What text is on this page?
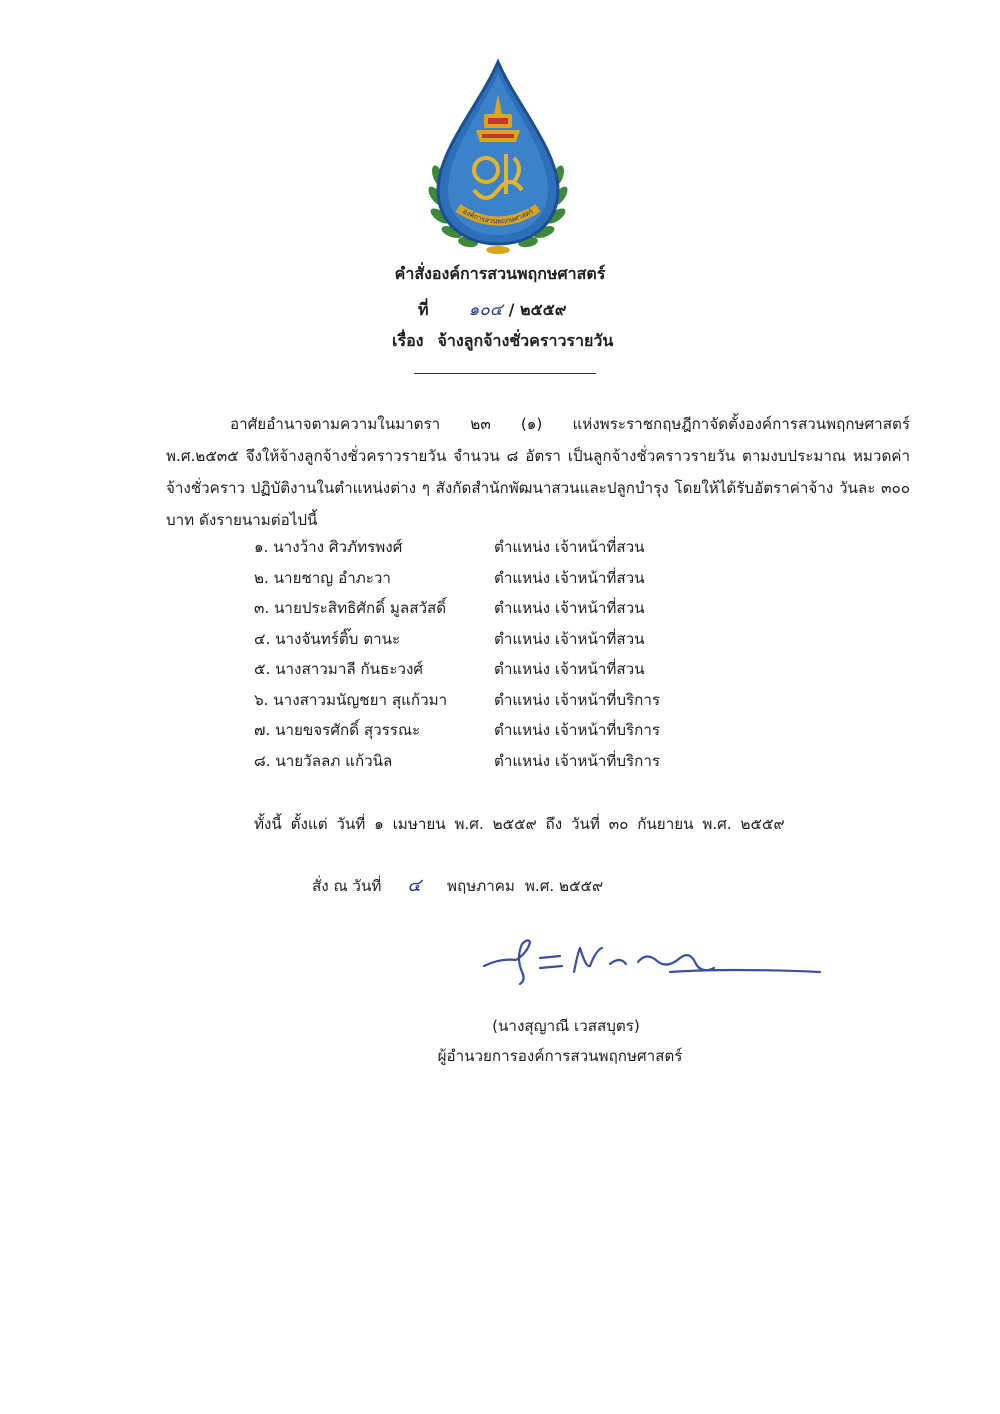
องค์การสวนพฤกษศาสตร์
คำสั่งองค์การสวนพฤกษศาสตร์
ที่ ๑๐๔ / ๒๕๕๙
เรื่อง จ้างลูกจ้างชั่วคราวรายวัน
อาศัยอำนาจตามความในมาตรา ๒๓ (๑) แห่งพระราชกฤษฎีกาจัดตั้งองค์การสวนพฤกษศาสตร์ พ.ศ.๒๕๓๕ จึงให้จ้างลูกจ้างชั่วคราวรายวัน จำนวน ๘ อัตรา เป็นลูกจ้างชั่วคราวรายวัน ตามงบประมาณ หมวดค่าจ้างชั่วคราว ปฏิบัติงานในตำแหน่งต่าง ๆ สังกัดสำนักพัฒนาสวนและปลูกบำรุง โดยให้ได้รับอัตราค่าจ้าง วันละ ๓๐๐ บาท ดังรายนามต่อไปนี้
๑. นางว้าง ศิวภัทรพงศ์	ตำแหน่ง เจ้าหน้าที่สวน
๒. นายชาญ อำภะวา	ตำแหน่ง เจ้าหน้าที่สวน
๓. นายประสิทธิศักดิ์ มูลสวัสดิ์	ตำแหน่ง เจ้าหน้าที่สวน
๔. นางจันทร์ติ๊บ ตานะ	ตำแหน่ง เจ้าหน้าที่สวน
๕. นางสาวมาลี กันธะวงศ์	ตำแหน่ง เจ้าหน้าที่สวน
๖. นางสาวมนัญชยา สุแก้วมา	ตำแหน่ง เจ้าหน้าที่บริการ
๗. นายขจรศักดิ์ สุวรรณะ	ตำแหน่ง เจ้าหน้าที่บริการ
๘. นายวัลลภ แก้วนิล	ตำแหน่ง เจ้าหน้าที่บริการ
ทั้งนี้ ตั้งแต่ วันที่ ๑ เมษายน พ.ศ. ๒๕๕๙ ถึง วันที่ ๓๐ กันยายน พ.ศ. ๒๕๕๙
สั่ง ณ วันที่ ๔ พฤษภาคม พ.ศ. ๒๕๕๙
(นางสุญาณี เวสสบุตร)
ผู้อำนวยการองค์การสวนพฤกษศาสตร์
